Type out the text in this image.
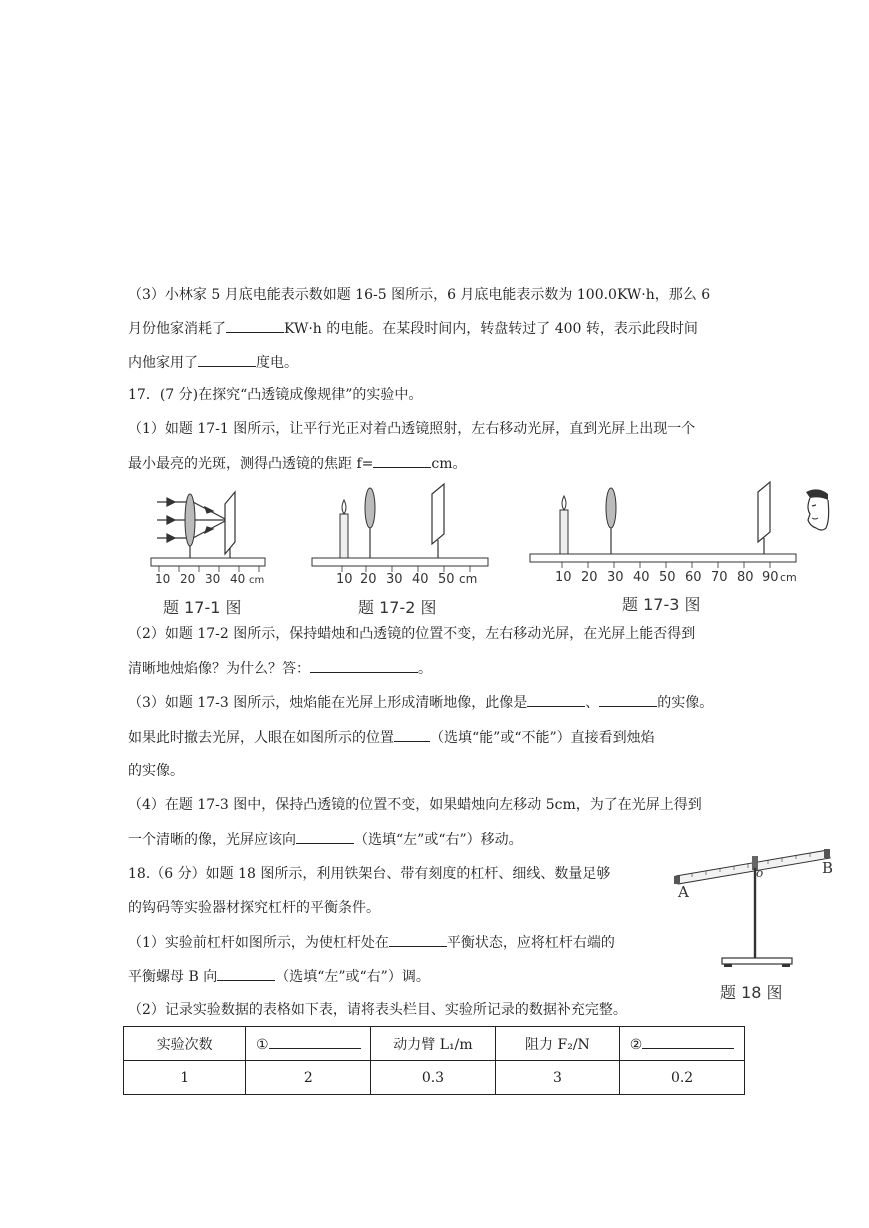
（3）小林家 5 月底电能表示数如题 16-5 图所示，6 月底电能表示数为 100.0KW·h，那么 6
月份他家消耗了	KW·h 的电能。在某段时间内，转盘转过了 400 转，表示此段时间
内他家用了	度电。
17．(7 分)在探究“凸透镜成像规律”的实验中。
（1）如题 17-1 图所示，让平行光正对着凸透镜照射，左右移动光屏，直到光屏上出现一个
最小最亮的光斑，测得凸透镜的焦距 f=	cm。
10 20 30 40 cm
题 17-1 图
10 20 30 40 50 cm
题 17-2 图
10 20 30 40 50 60 70 80 90 cm
题 17-3 图
（2）如题 17-2 图所示，保持蜡烛和凸透镜的位置不变，左右移动光屏，在光屏上能否得到
清晰地烛焰像？为什么？答：	。
（3）如题 17-3 图所示，烛焰能在光屏上形成清晰地像，此像是	、	的实像。
如果此时撤去光屏，人眼在如图所示的位置	（选填“能”或“不能”）直接看到烛焰
的实像。
（4）在题 17-3 图中，保持凸透镜的位置不变，如果蜡烛向左移动 5cm，为了在光屏上得到
一个清晰的像，光屏应该向	（选填“左”或“右”）移动。
18.（6 分）如题 18 图所示，利用铁架台、带有刻度的杠杆、细线、数量足够
的钩码等实验器材探究杠杆的平衡条件。
（1）实验前杠杆如图所示，为使杠杆处在	平衡状态，应将杠杆右端的
平衡螺母 B 向	（选填“左”或“右”）调。
（2）记录实验数据的表格如下表，请将表头栏目、实验所记录的数据补充完整。
A
B
o
题 18 图
实验次数	①	动力臂 L₁/m	阻力 F₂/N	②
1	2	0.3	3	0.2
